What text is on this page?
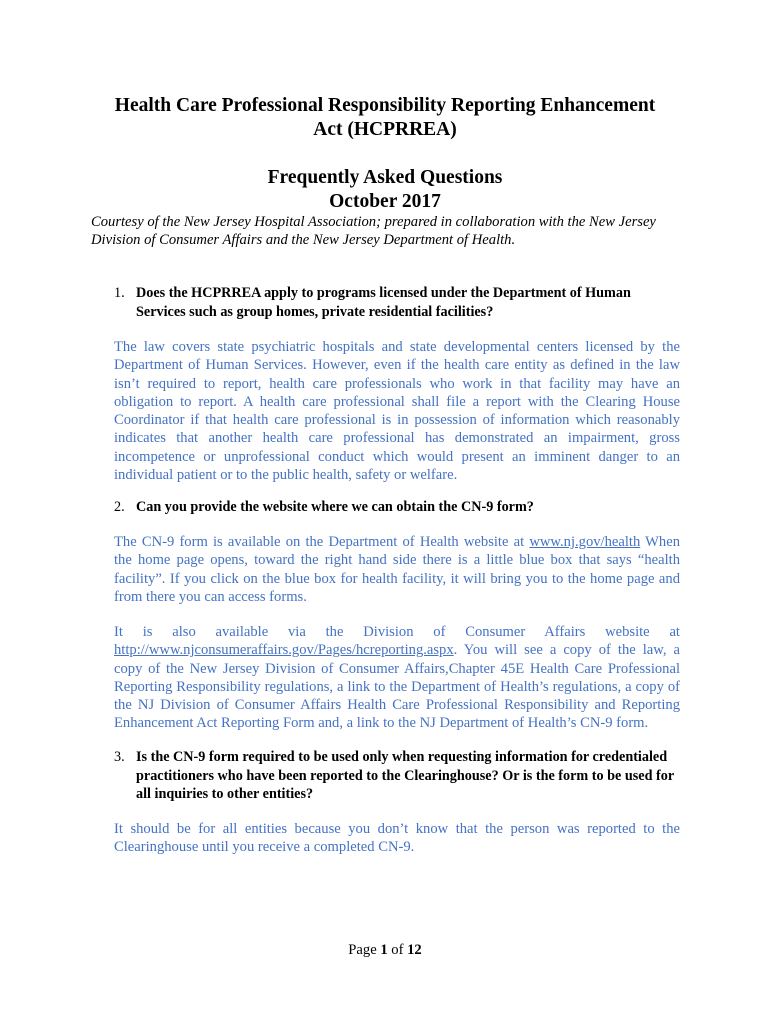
Health Care Professional Responsibility Reporting Enhancement
Act (HCPRREA)
Frequently Asked Questions
October 2017
Courtesy of the New Jersey Hospital Association; prepared in collaboration with the New Jersey Division of Consumer Affairs and the New Jersey Department of Health.
1. Does the HCPRREA apply to programs licensed under the Department of Human Services such as group homes, private residential facilities?
The law covers state psychiatric hospitals and state developmental centers licensed by the Department of Human Services. However, even if the health care entity as defined in the law isn’t required to report, health care professionals who work in that facility may have an obligation to report. A health care professional shall file a report with the Clearing House Coordinator if that health care professional is in possession of information which reasonably indicates that another health care professional has demonstrated an impairment, gross incompetence or unprofessional conduct which would present an imminent danger to an individual patient or to the public health, safety or welfare.
2. Can you provide the website where we can obtain the CN-9 form?
The CN-9 form is available on the Department of Health website at www.nj.gov/health When the home page opens, toward the right hand side there is a little blue box that says “health facility”. If you click on the blue box for health facility, it will bring you to the home page and from there you can access forms.
It is also available via the Division of Consumer Affairs website at http://www.njconsumeraffairs.gov/Pages/hcreporting.aspx. You will see a copy of the law, a copy of the New Jersey Division of Consumer Affairs,Chapter 45E Health Care Professional Reporting Responsibility regulations, a link to the Department of Health’s regulations, a copy of the NJ Division of Consumer Affairs Health Care Professional Responsibility and Reporting Enhancement Act Reporting Form and, a link to the NJ Department of Health’s CN-9 form.
3. Is the CN-9 form required to be used only when requesting information for credentialed practitioners who have been reported to the Clearinghouse? Or is the form to be used for all inquiries to other entities?
It should be for all entities because you don’t know that the person was reported to the Clearinghouse until you receive a completed CN-9.
Page 1 of 12
